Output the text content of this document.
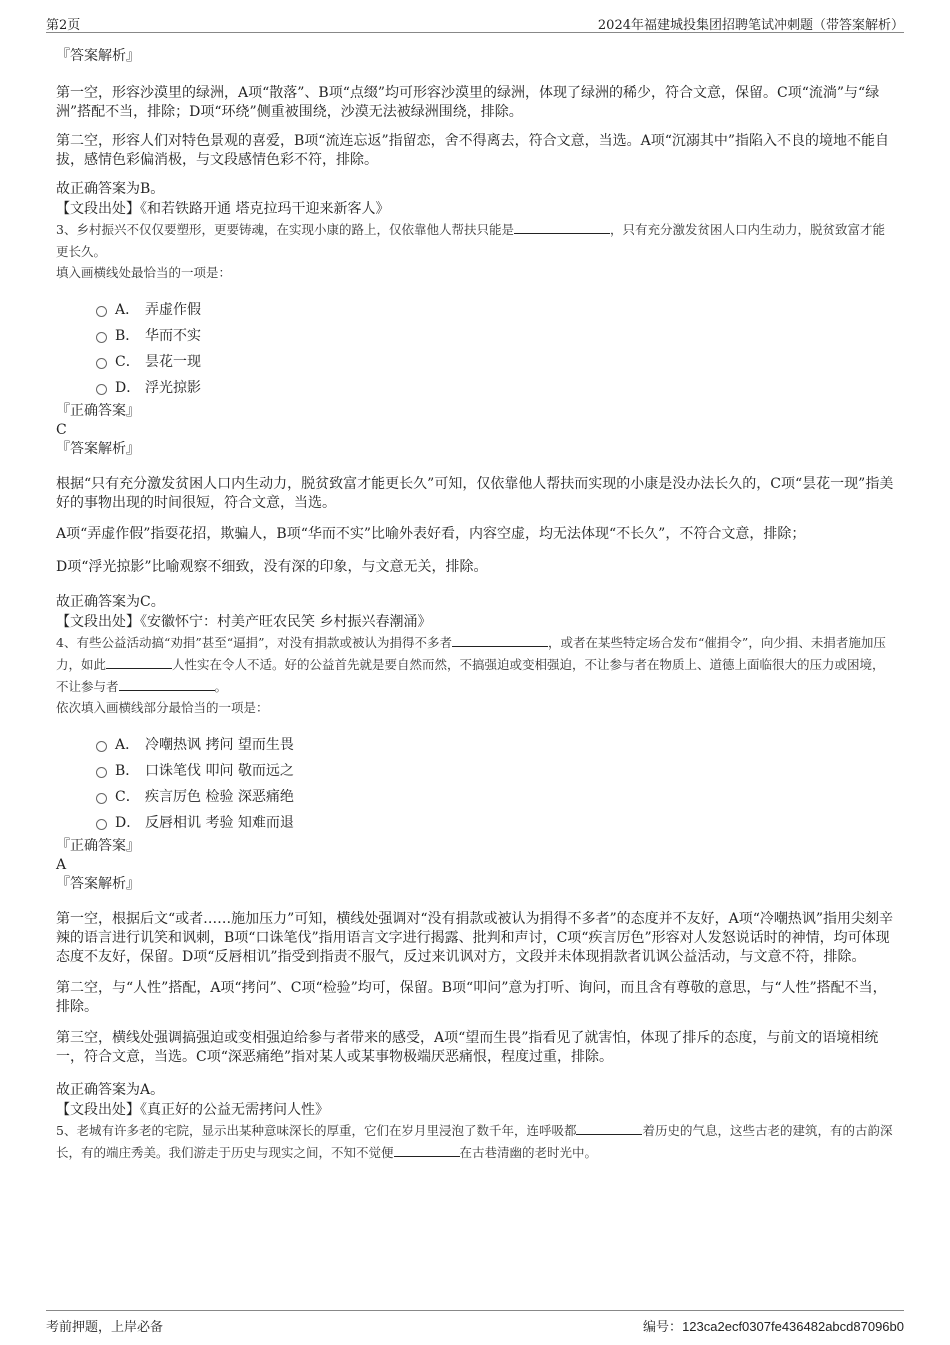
第2页	2024年福建城投集团招聘笔试冲刺题（带答案解析）

『答案解析』

第一空，形容沙漠里的绿洲，A项“散落”、B项“点缀”均可形容沙漠里的绿洲，体现了绿洲的稀少，符合文意，保留。C项“流淌”与“绿洲”搭配不当，排除；D项“环绕”侧重被围绕，沙漠无法被绿洲围绕，排除。

第二空，形容人们对特色景观的喜爱，B项“流连忘返”指留恋，舍不得离去，符合文意，当选。A项“沉溺其中”指陷入不良的境地不能自拔，感情色彩偏消极，与文段感情色彩不符，排除。

故正确答案为B。

【文段出处】《和若铁路开通 塔克拉玛干迎来新客人》

3、乡村振兴不仅仅要塑形，更要铸魂，在实现小康的路上，仅依靠他人帮扶只能是	，只有充分激发贫困人口内生动力，脱贫致富才能更长久。

填入画横线处最恰当的一项是：

A． 弄虚作假
B． 华而不实
C． 昙花一现
D． 浮光掠影

『正确答案』

C

『答案解析』

根据“只有充分激发贫困人口内生动力，脱贫致富才能更长久”可知，仅依靠他人帮扶而实现的小康是没办法长久的，C项“昙花一现”指美好的事物出现的时间很短，符合文意，当选。

A项“弄虚作假”指耍花招，欺骗人，B项“华而不实”比喻外表好看，内容空虚，均无法体现“不长久”，不符合文意，排除；

D项“浮光掠影”比喻观察不细致，没有深的印象，与文意无关，排除。

故正确答案为C。

【文段出处】《安徽怀宁：村美产旺农民笑 乡村振兴春潮涌》

4、有些公益活动搞“劝捐”甚至“逼捐”，对没有捐款或被认为捐得不多者	，或者在某些特定场合发布“催捐令”，向少捐、未捐者施加压力，如此	人性实在令人不适。好的公益首先就是要自然而然，不搞强迫或变相强迫，不让参与者在物质上、道德上面临很大的压力或困境，不让参与者	。

依次填入画横线部分最恰当的一项是：

A． 冷嘲热讽 拷问 望而生畏
B． 口诛笔伐 叩问 敬而远之
C． 疾言厉色 检验 深恶痛绝
D． 反唇相讥 考验 知难而退

『正确答案』

A

『答案解析』

第一空，根据后文“或者……施加压力”可知，横线处强调对“没有捐款或被认为捐得不多者”的态度并不友好，A项“冷嘲热讽”指用尖刻辛辣的语言进行讥笑和讽刺，B项“口诛笔伐”指用语言文字进行揭露、批判和声讨，C项“疾言厉色”形容对人发怒说话时的神情，均可体现态度不友好，保留。D项“反唇相讥”指受到指责不服气，反过来讥讽对方，文段并未体现捐款者讥讽公益活动，与文意不符，排除。

第二空，与“人性”搭配，A项“拷问”、C项“检验”均可，保留。B项“叩问”意为打听、询问，而且含有尊敬的意思，与“人性”搭配不当，排除。

第三空，横线处强调搞强迫或变相强迫给参与者带来的感受，A项“望而生畏”指看见了就害怕，体现了排斥的态度，与前文的语境相统一，符合文意，当选。C项“深恶痛绝”指对某人或某事物极端厌恶痛恨，程度过重，排除。

故正确答案为A。

【文段出处】《真正好的公益无需拷问人性》

5、老城有许多老的宅院，显示出某种意味深长的厚重，它们在岁月里浸泡了数千年，连呼吸都	着历史的气息，这些古老的建筑，有的古韵深长，有的端庄秀美。我们游走于历史与现实之间，不知不觉便	在古巷清幽的老时光中。

考前押题，上岸必备	编号：123ca2ecf0307fe436482abcd87096b0
